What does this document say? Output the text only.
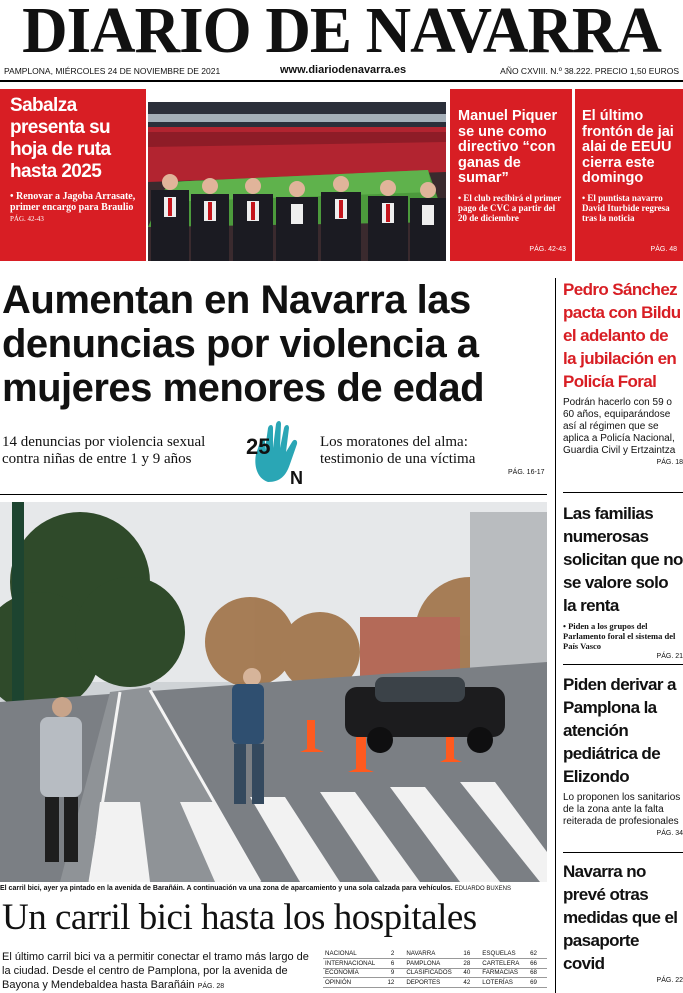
DIARIO DE NAVARRA
PAMPLONA, MIÉRCOLES 24 DE NOVIEMBRE DE 2021	www.diariodenavarra.es	AÑO CXVIII. N.º 38.222. PRECIO 1,50 EUROS
Sabalza presenta su hoja de ruta hasta 2025
• Renovar a Jagoba Arrasate, primer encargo para Braulio PÁG. 42-43
Manuel Piquer se une como directivo “con ganas de sumar”
• El club recibirá el primer pago de CVC a partir del 20 de diciembre
PÁG. 42-43
El último frontón de jai alai de EEUU cierra este domingo
• El puntista navarro David Iturbide regresa tras la noticia
PÁG. 48
Aumentan en Navarra las denuncias por violencia a mujeres menores de edad
14 denuncias por violencia sexual contra niñas de entre 1 y 9 años	25
N
Los moratones del alma: testimonio de una víctima
PÁG. 16-17
El carril bici, ayer ya pintado en la avenida de Barañáin. A continuación va una zona de aparcamiento y una sola calzada para vehículos. EDUARDO BUXENS
Un carril bici hasta los hospitales
El último carril bici va a permitir conectar el tramo más largo de la ciudad. Desde el centro de Pamplona, por la avenida de Bayona y Mendebaldea hasta Barañáin PÁG. 28
NACIONAL	2	NAVARRA	16	ESQUELAS	62
INTERNACIONAL	6	PAMPLONA	28	CARTELERA	66
ECONOMÍA	9	CLASIFICADOS	40	FARMACIAS	68
OPINIÓN	12	DEPORTES	42	LOTERÍAS	69
Pedro Sánchez pacta con Bildu el adelanto de la jubilación en Policía Foral
Podrán hacerlo con 59 o 60 años, equiparándose así al régimen que se aplica a Policía Nacional, Guardia Civil y Ertzaintza
PÁG. 18
Las familias numerosas solicitan que no se valore solo la renta
• Piden a los grupos del Parlamento foral el sistema del País Vasco
PÁG. 21
Piden derivar a Pamplona la atención pediátrica de Elizondo
Lo proponen los sanitarios de la zona ante la falta reiterada de profesionales
PÁG. 34
Navarra no prevé otras medidas que el pasaporte covid
PÁG. 22
